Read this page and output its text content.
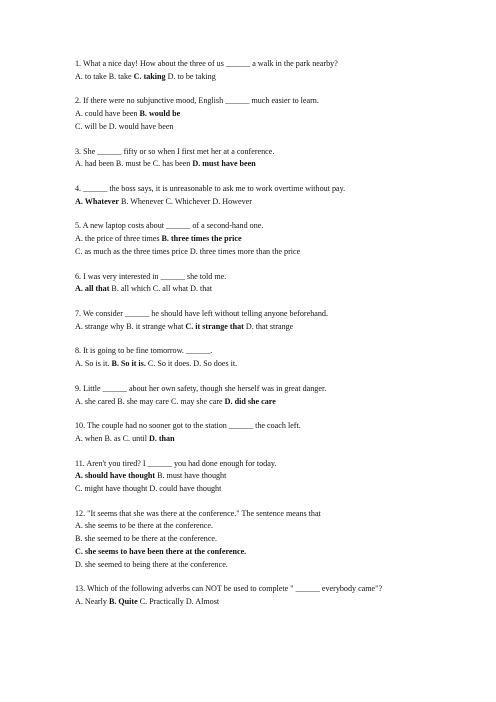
1. What a nice day! How about the three of us ______ a walk in the park nearby?
A. to take B. take C. taking D. to be taking
2. If there were no subjunctive mood, English ______ much easier to learn.
A. could have been B. would be
C. will be D. would have been
3. She ______ fifty or so when I first met her at a conference.
A. had been B. must be C. has been D. must have been
4. ______ the boss says, it is unreasonable to ask me to work overtime without pay.
A. Whatever B. Whenever C. Whichever D. However
5. A new laptop costs about ______ of a second-hand one.
A. the price of three times B. three times the price
C. as much as the three times price D. three times more than the price
6. I was very interested in ______ she told me.
A. all that B. all which C. all what D. that
7. We consider ______ he should have left without telling anyone beforehand.
A. strange why B. it strange what C. it strange that D. that strange
8. It is going to be fine tomorrow. ______.
A. So is it. B. So it is. C. So it does. D. So does it.
9. Little ______ about her own safety, though she herself was in great danger.
A. she cared B. she may care C. may she care D. did she care
10. The couple had no sooner got to the station ______ the coach left.
A. when B. as C. until D. than
11. Aren't you tired? I ______ you had done enough for today.
A. should have thought B. must have thought
C. might have thought D. could have thought
12. "It seems that she was there at the conference." The sentence means that
A. she seems to be there at the conference.
B. she seemed to be there at the conference.
C. she seems to have been there at the conference.
D. she seemed to being there at the conference.
13. Which of the following adverbs can NOT be used to complete " ______ everybody came"?
A. Nearly B. Quite C. Practically D. Almost
